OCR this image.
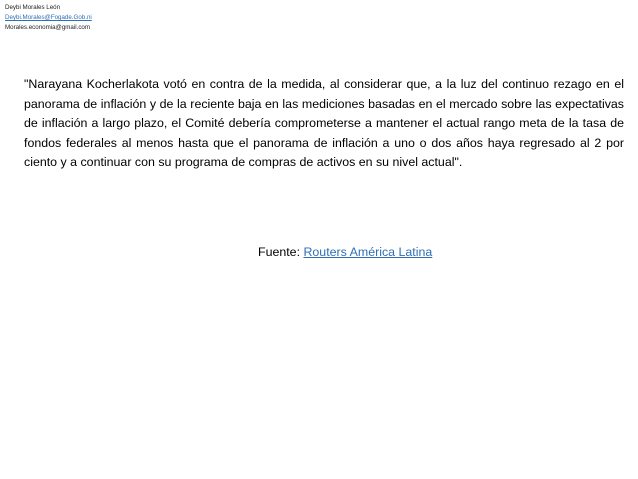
Deybi Morales León
Deybi.Morales@Fogade.Gob.ni
Morales.economia@gmail.com
"Narayana Kocherlakota votó en contra de la medida, al considerar que, a la luz del continuo rezago en el panorama de inflación y de la reciente baja en las mediciones basadas en el mercado sobre las expectativas de inflación a largo plazo, el Comité debería comprometerse a mantener el actual rango meta de la tasa de fondos federales al menos hasta que el panorama de inflación a uno o dos años haya regresado al 2 por ciento y a continuar con su programa de compras de activos en su nivel actual".
Fuente: Routers América Latina
